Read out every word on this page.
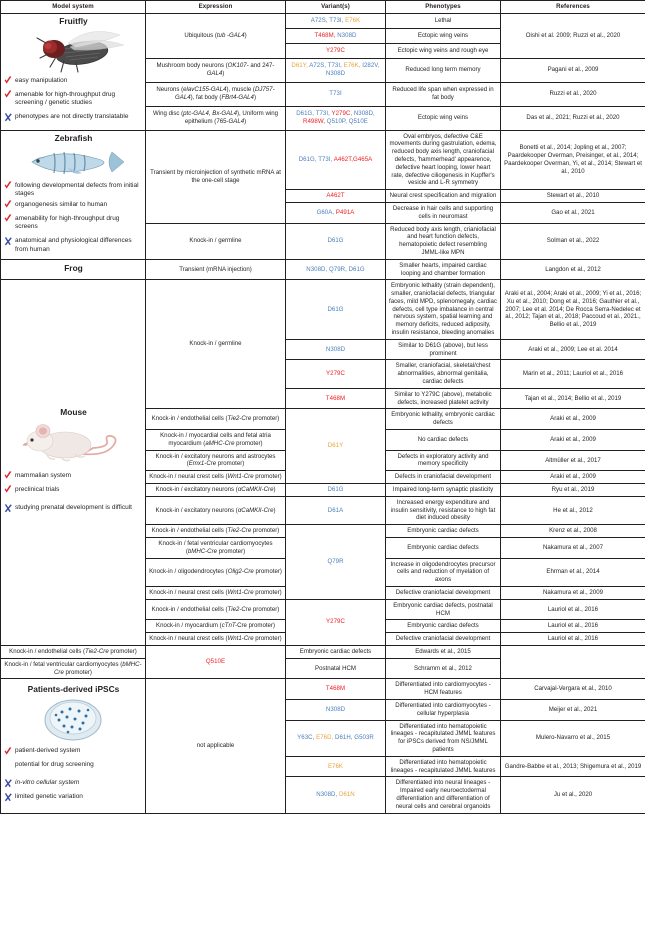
Model system	Expression	Variant(s)	Phenotypes	References

Fruitfly
easy manipulation
amenable for high-throughput drug screening / genetic studies
phenotypes are not directly translatable	Ubiquitous (tub -GAL4)	A72S, T73I, E76K	Lethal	Oishi et al. 2009; Ruzzi et al., 2020
		T468M, N308D	Ectopic wing veins	
		Y279C	Ectopic wing veins and rough eye	
	Mushroom body neurons (OK107- and 247-GAL4)	D61Y, A72S, T73I, E76K, I282V, N308D	Reduced long term memory	Pagani et al., 2009
	Neurons (elavC155-GAL4), muscle (DJ757-GAL4), fat body (FBrt4-GAL4)	T73I	Reduced life span when expressed in fat body	Ruzzi et al., 2020
	Wing disc (ptc-GAL4, Bx-GAL4), Uniform wing epithelium (765-GAL4)	D61G, T73I, Y279C, N308D, R498W, Q510P, Q510E	Ectopic wing veins	Das et al., 2021; Ruzzi et al., 2020

Zebrafish
following developmental defects from initial stages
organogenesis similar to human
amenability for high-throughput drug screens
anatomical and physiological differences from human
	Transient by microinjection of synthetic mRNA at the one-cell stage	D61G, T73I, A462T,G465A	Oval embryos, defective C&E movements during gastrulation, edema, reduced body axis length, craniofacial defects, 'hammerhead' appearence, defective heart looping, lower heart rate, defective ciliogenesis in Kupffer's vesicle and L-R symmetry	Bonetti et al., 2014; Jopling et al., 2007; Paardekooper Overman, Preisinger, et al., 2014; Paardekooper Overman, Yi, et al., 2014; Stewart et al., 2010
		A462T	Neural crest specification and migration	Stewart et al., 2010
		G60A, P491A	Decrease in hair cells and supporting cells in neuromast	Gao et al., 2021
	Knock-in / germline	D61G	Reduced body axis length, crianiofacial and heart function defects, hematopoietic defect resembling JMML-like MPN	Solman et al., 2022

Frog	Transient (mRNA injection)	N308D, Q79R, D61G	Smaller hearts, impaired cardiac looping and chamber formation	Langdon et al., 2012

Mouse
mammalian system
preclinical trials
studying prenatal development is difficult
	Knock-in / germline	D61G	Embryonic lethality (strain dependent), smaller, craniofacial defects, triangular faces, mild MPD, splenomegaly, cardiac defects, cell type imbalance in central nervous system, spatial learning and memory deficits, reduced adiposity, insulin resistance, bleeding anomalies	Araki et al., 2004; Araki et al., 2009; Yi et al., 2016; Xu et al., 2010; Dong et al., 2016; Gauthier et al., 2007; Lee et al. 2014; De Rocca Serra-Nedelec et al., 2012; Tajan et al., 2018; Paccoud et al., 2021., Bellio et al., 2019
		N308D	Similar to D61G (above), but less prominent	Araki et al., 2009; Lee et al. 2014
		Y279C	Smaller, craniofacial, skeletal/chest abnormalities, abnormal genitalia, cardiac defects	Marin et al., 2011; Lauriol et al., 2016
		T468M	Similar to Y279C (above), metabolic defects, increased platelet activity	Tajan et al., 2014; Bellio et al., 2019
	Knock-in / endothelial cells (Tie2-Cre promoter)	D61Y	Embryonic lethality, embryonic cardiac defects	Araki et al., 2009
	Knock-in / myocardial cells and fetal atria myocardium (aMHC-Cre promoter)		No cardiac defects	Araki et al., 2009
	Knock-in / excitatory neurons and astrocytes (Emx1-Cre promoter)		Defects in exploratory activity and memory specificity	Altmüller et al., 2017
	Knock-in / neural crest cells (Wnt1-Cre promoter)		Defects in craniofacial development	Araki et al., 2009
	Knock-in / excitatory neurons (αCaMKII-Cre)	D61G	Impaired long-term synaptic plasticity	Ryu et al., 2019
	Knock-in / excitatory neurons (αCaMKII-Cre)	D61A	Increased energy expenditure and insulin sensitivity, resistance to high fat diet induced obesity	He et al., 2012
	Knock-in / endothelial cells (Tie2-Cre promoter)	Q79R	Embryonic cardiac defects	Krenz et al., 2008
	Knock-in / fetal ventricular cardiomyocytes (bMHC-Cre promoter)		Embryonic cardiac defects	Nakamura et al., 2007
	Knock-in / oligodendrocytes (Olig2-Cre promoter)		Increase in oligodendrocytes precursor cells and reduction of myelation of axons	Ehrman et al., 2014
	Knock-in / neural crest cells (Wnt1-Cre promoter)		Defective craniofacial development	Nakamura et al., 2009
	Knock-in / endothelial cells (Tie2-Cre promoter)	Y279C	Embryonic cardiac defects, postnatal HCM	Lauriol et al., 2016
	Knock-in / myocardium (cTnT-Cre promoter)		Embryonic cardiac defects	Lauriol et al., 2016
	Knock-in / neural crest cells (Wnt1-Cre promoter)		Defective craniofacial development	Lauriol et al., 2016
Knock-in / endothelial cells (Tie2-Cre promoter)	Q510E	Embryonic cardiac defects	Edwards et al., 2015	
Knock-in / fetal ventricular cardiomyocytes (bMHC-Cre promoter)		Postnatal HCM	Schramm et al., 2012	

Patients-derived iPSCs
patient-derived system
potential for drug screening
in-vitro cellular system
limited genetic variation	not applicable	T468M	Differentiated into cardiomyocytes - HCM features	Carvajal-Vergara et al., 2010
		N308D	Differentiated into cardiomyocytes - cellular hyperplasia	Meijer et al., 2021
		Y63C, E76D, D61H, G503R	Differentiated into hematopoietic lineages - recapitulated JMML features for iPSCs derived from NS/JMML patients	Mulero-Navarro et al., 2015
		E76K	Differentiated into hematopoietic lineages - recapitulated JMML features	Gandre-Babbe et al., 2013; Shigemura et al., 2019
		N308D, D61N	Differentiated into neural lineages - Impaired early neuroectodermal differentiation and differentiation of neural cells and cerebral organoids	Ju et al., 2020
